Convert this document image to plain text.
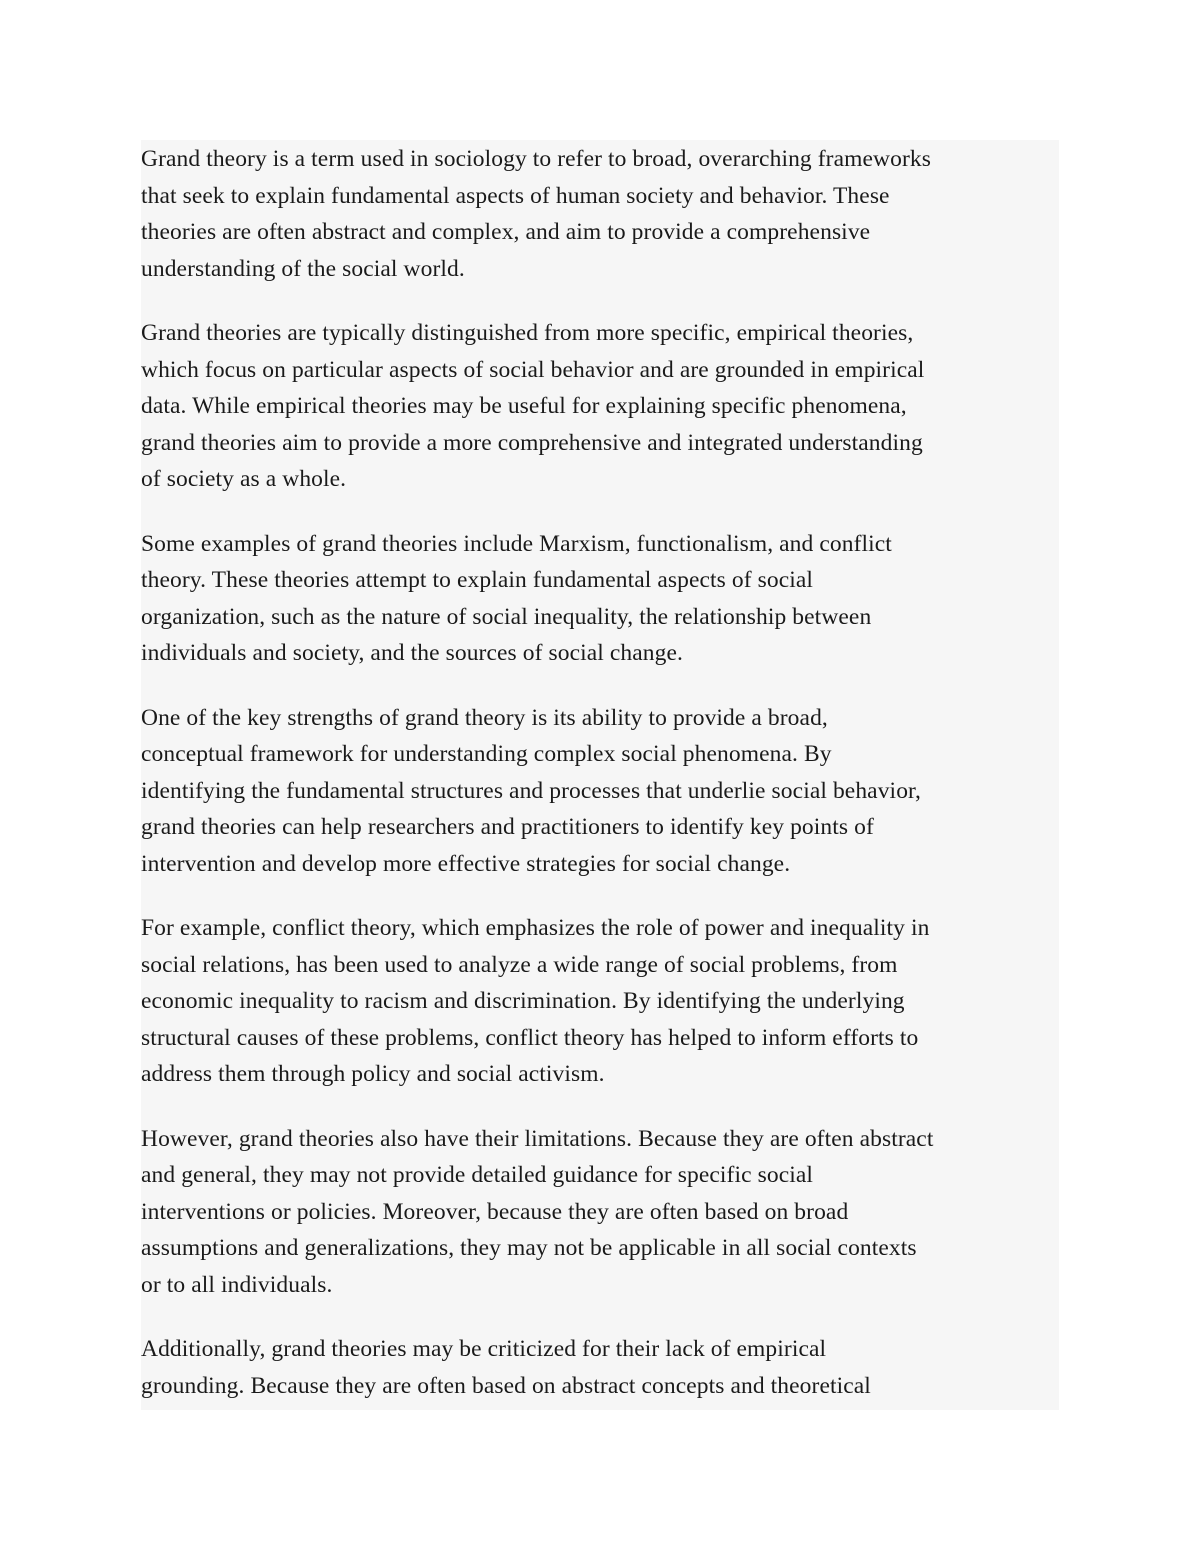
Grand theory is a term used in sociology to refer to broad, overarching frameworks
that seek to explain fundamental aspects of human society and behavior. These
theories are often abstract and complex, and aim to provide a comprehensive
understanding of the social world.

Grand theories are typically distinguished from more specific, empirical theories,
which focus on particular aspects of social behavior and are grounded in empirical
data. While empirical theories may be useful for explaining specific phenomena,
grand theories aim to provide a more comprehensive and integrated understanding
of society as a whole.

Some examples of grand theories include Marxism, functionalism, and conflict
theory. These theories attempt to explain fundamental aspects of social
organization, such as the nature of social inequality, the relationship between
individuals and society, and the sources of social change.

One of the key strengths of grand theory is its ability to provide a broad,
conceptual framework for understanding complex social phenomena. By
identifying the fundamental structures and processes that underlie social behavior,
grand theories can help researchers and practitioners to identify key points of
intervention and develop more effective strategies for social change.

For example, conflict theory, which emphasizes the role of power and inequality in
social relations, has been used to analyze a wide range of social problems, from
economic inequality to racism and discrimination. By identifying the underlying
structural causes of these problems, conflict theory has helped to inform efforts to
address them through policy and social activism.

However, grand theories also have their limitations. Because they are often abstract
and general, they may not provide detailed guidance for specific social
interventions or policies. Moreover, because they are often based on broad
assumptions and generalizations, they may not be applicable in all social contexts
or to all individuals.

Additionally, grand theories may be criticized for their lack of empirical
grounding. Because they are often based on abstract concepts and theoretical
